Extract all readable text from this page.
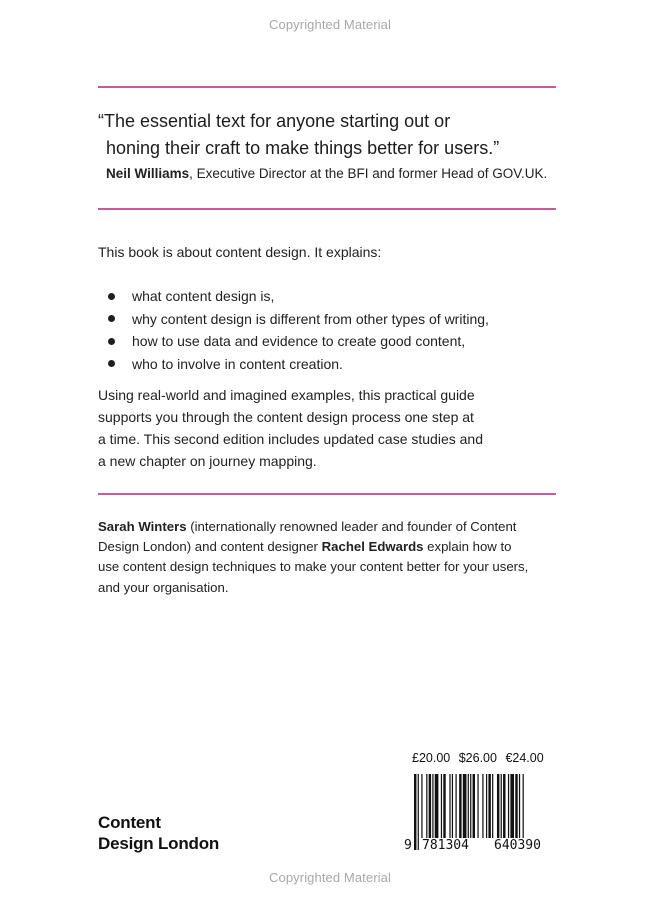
Copyrighted Material
“The essential text for anyone starting out or
honing their craft to make things better for users.”
Neil Williams, Executive Director at the BFI and former Head of GOV.UK.
This book is about content design. It explains:
what content design is,
why content design is different from other types of writing,
how to use data and evidence to create good content,
who to involve in content creation.
Using real-world and imagined examples, this practical guide
supports you through the content design process one step at
a time. This second edition includes updated case studies and
a new chapter on journey mapping.
Sarah Winters (internationally renowned leader and founder of Content
Design London) and content designer Rachel Edwards explain how to
use content design techniques to make your content better for your users,
and your organisation.
Content
Design London
£20.00 $26.00 €24.00
9 781304 640390
Copyrighted Material
